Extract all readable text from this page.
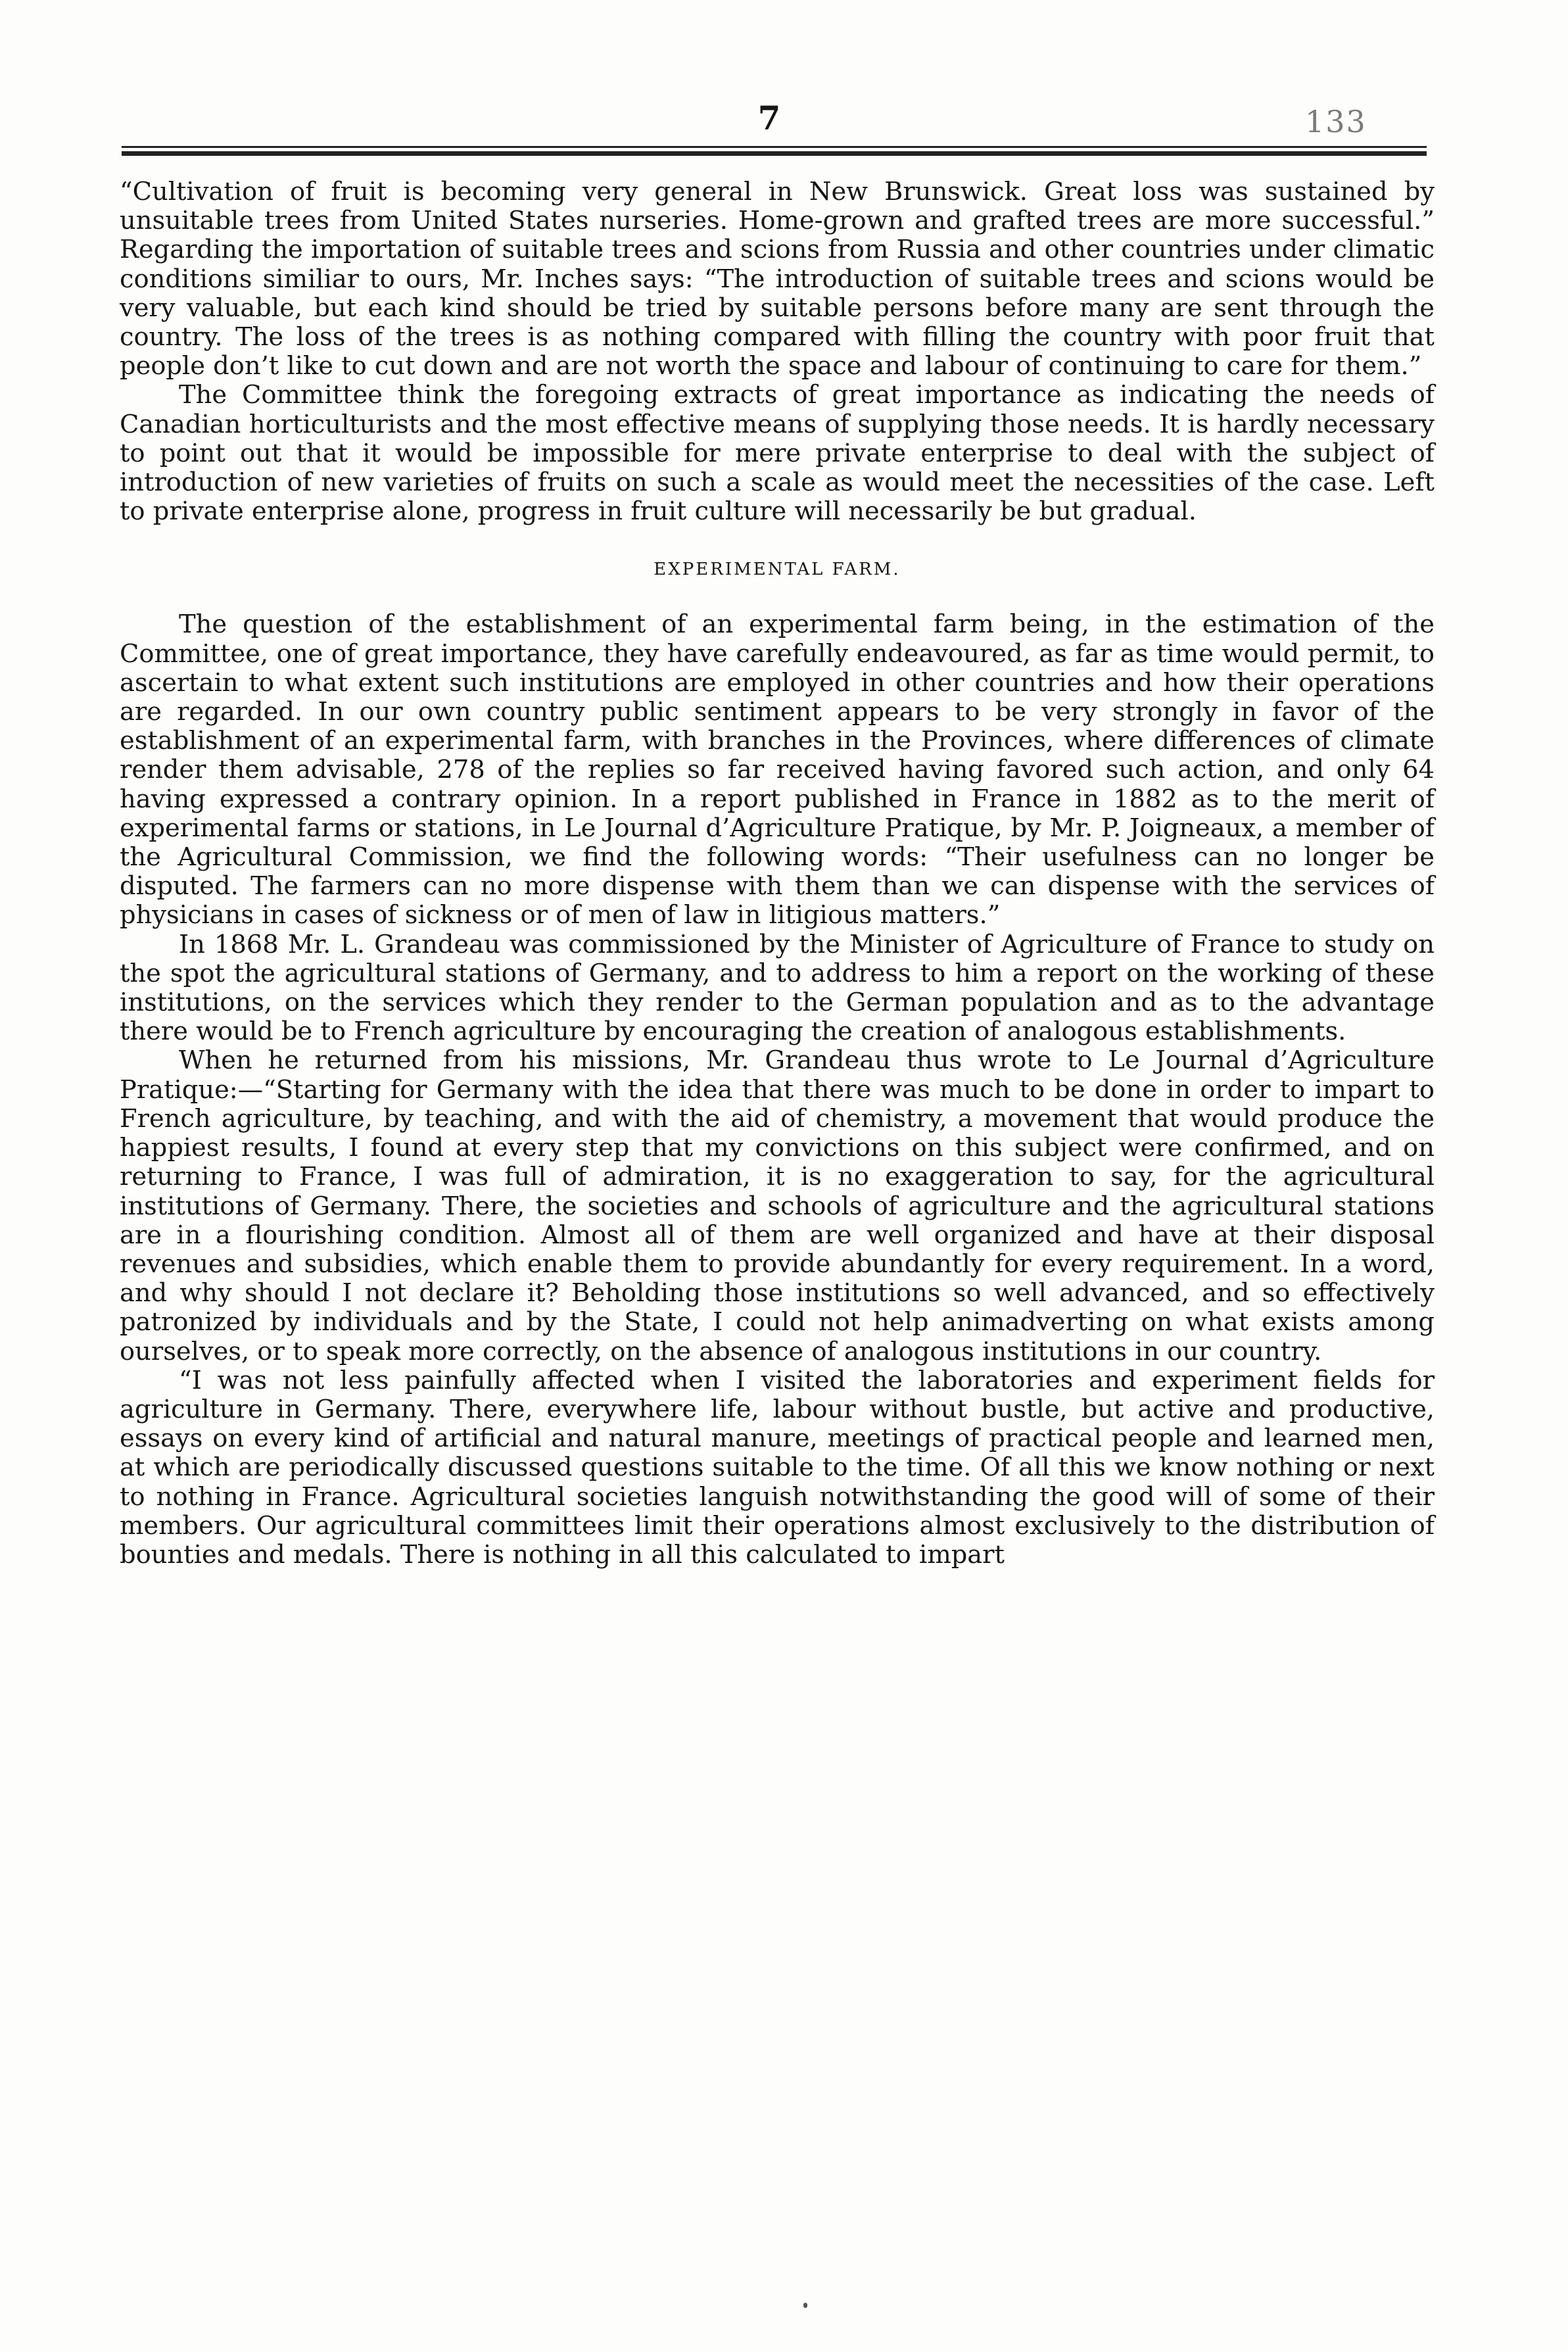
7	133

“Cultivation of fruit is becoming very general in New Brunswick. Great loss was sustained by unsuitable trees from United States nurseries. Home-grown and grafted trees are more successful.” Regarding the importation of suitable trees and scions from Russia and other countries under climatic conditions similiar to ours, Mr. Inches says: “The introduction of suitable trees and scions would be very valuable, but each kind should be tried by suitable persons before many are sent through the country. The loss of the trees is as nothing compared with filling the country with poor fruit that people don’t like to cut down and are not worth the space and labour of continuing to care for them.”

The Committee think the foregoing extracts of great importance as indicating the needs of Canadian horticulturists and the most effective means of supplying those needs. It is hardly necessary to point out that it would be impossible for mere private enterprise to deal with the subject of introduction of new varieties of fruits on such a scale as would meet the necessities of the case. Left to private enterprise alone, progress in fruit culture will necessarily be but gradual.

EXPERIMENTAL FARM.

The question of the establishment of an experimental farm being, in the estimation of the Committee, one of great importance, they have carefully endeavoured, as far as time would permit, to ascertain to what extent such institutions are employed in other countries and how their operations are regarded. In our own country public sentiment appears to be very strongly in favor of the establishment of an experimental farm, with branches in the Provinces, where differences of climate render them advisable, 278 of the replies so far received having favored such action, and only 64 having expressed a contrary opinion. In a report published in France in 1882 as to the merit of experimental farms or stations, in Le Journal d’Agriculture Pratique, by Mr. P. Joigneaux, a member of the Agricultural Commission, we find the following words: “Their usefulness can no longer be disputed. The farmers can no more dispense with them than we can dispense with the services of physicians in cases of sickness or of men of law in litigious matters.”

In 1868 Mr. L. Grandeau was commissioned by the Minister of Agriculture of France to study on the spot the agricultural stations of Germany, and to address to him a report on the working of these institutions, on the services which they render to the German population and as to the advantage there would be to French agriculture by encouraging the creation of analogous establishments.

When he returned from his missions, Mr. Grandeau thus wrote to Le Journal d’Agriculture Pratique:—“Starting for Germany with the idea that there was much to be done in order to impart to French agriculture, by teaching, and with the aid of chemistry, a movement that would produce the happiest results, I found at every step that my convictions on this subject were confirmed, and on returning to France, I was full of admiration, it is no exaggeration to say, for the agricultural institutions of Germany. There, the societies and schools of agriculture and the agricultural stations are in a flourishing condition. Almost all of them are well organized and have at their disposal revenues and subsidies, which enable them to provide abundantly for every requirement. In a word, and why should I not declare it? Beholding those institutions so well advanced, and so effectively patronized by individuals and by the State, I could not help animadverting on what exists among ourselves, or to speak more correctly, on the absence of analogous institutions in our country.

“I was not less painfully affected when I visited the laboratories and experiment fields for agriculture in Germany. There, everywhere life, labour without bustle, but active and productive, essays on every kind of artificial and natural manure, meetings of practical people and learned men, at which are periodically discussed questions suitable to the time. Of all this we know nothing or next to nothing in France. Agricultural societies languish notwithstanding the good will of some of their members. Our agricultural committees limit their operations almost exclusively to the distribution of bounties and medals. There is nothing in all this calculated to impart
